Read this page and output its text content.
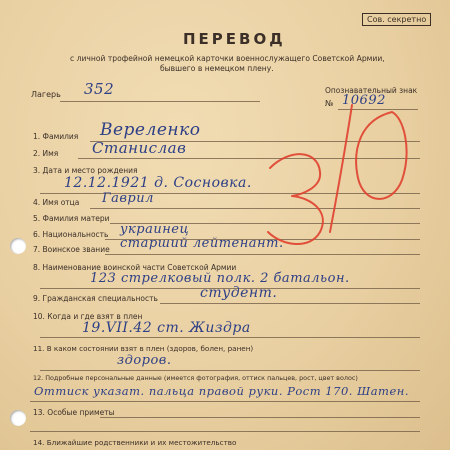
Сов. секретно
ПЕРЕВОД
с личной трофейной немецкой карточки военнослужащего Советской Армии,
бывшего в немецком плену.
Лагерь 352	Опознавательный знак
№ 10692
1. Фамилия Вереленко
2. Имя Станислав
3. Дата и место рождения
12.12.1921 д. Сосновка.
4. Имя отца Гаврил
5. Фамилия матери
6. Национальность украинец
7. Воинское звание старший лейтенант.
8. Наименование воинской части Советской Армии
123 стрелковый полк. 2 батальон.
9. Гражданская специальность	студент.
10. Когда и где взят в плен
19.VII.42 ст. Жиздра
11. В каком состоянии взят в плен (здоров, болен, ранен)
здоров.
12. Подробные персональные данные (имеется фотография, оттиск пальцев, рост, цвет волос)
Оттиск указат. пальца правой руки. Рост 170. Шатен.
13. Особые приметы
14. Ближайшие родственники и их местожительство
